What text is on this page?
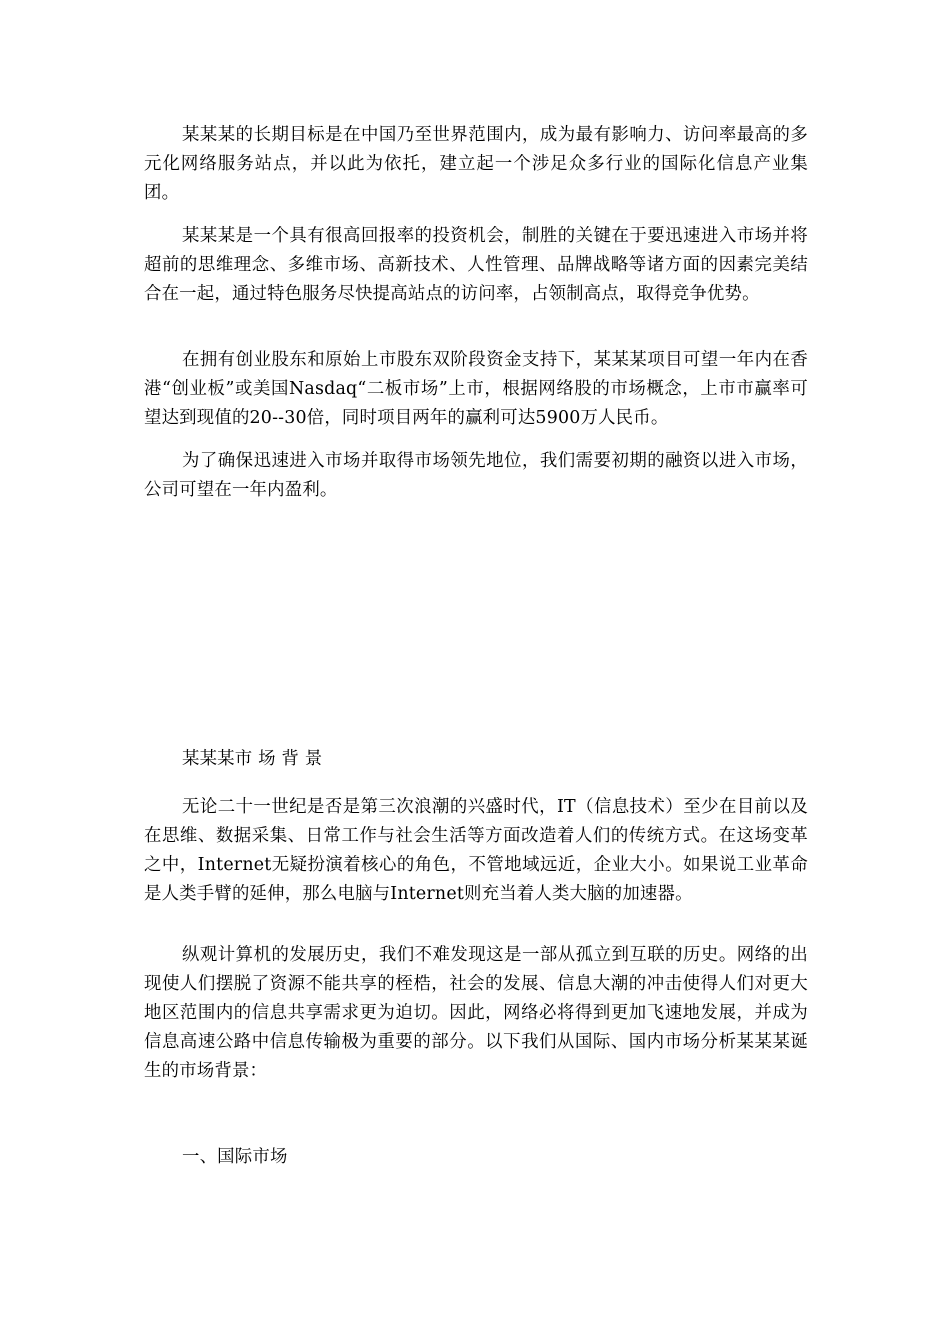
某某某的长期目标是在中国乃至世界范围内，成为最有影响力、访问率最高的多元化网络服务站点，并以此为依托，建立起一个涉足众多行业的国际化信息产业集团。

某某某是一个具有很高回报率的投资机会，制胜的关键在于要迅速进入市场并将超前的思维理念、多维市场、高新技术、人性管理、品牌战略等诸方面的因素完美结合在一起，通过特色服务尽快提高站点的访问率，占领制高点，取得竞争优势。

在拥有创业股东和原始上市股东双阶段资金支持下，某某某项目可望一年内在香港“创业板”或美国Nasdaq“二板市场”上市，根据网络股的市场概念，上市市赢率可望达到现值的20--30倍，同时项目两年的赢利可达5900万人民币。

为了确保迅速进入市场并取得市场领先地位，我们需要初期的融资以进入市场，公司可望在一年内盈利。

某某某市 场 背 景

无论二十一世纪是否是第三次浪潮的兴盛时代，IT（信息技术）至少在目前以及在思维、数据采集、日常工作与社会生活等方面改造着人们的传统方式。在这场变革之中，Internet无疑扮演着核心的角色，不管地域远近，企业大小。如果说工业革命是人类手臂的延伸，那么电脑与Internet则充当着人类大脑的加速器。

纵观计算机的发展历史，我们不难发现这是一部从孤立到互联的历史。网络的出现使人们摆脱了资源不能共享的桎梏，社会的发展、信息大潮的冲击使得人们对更大地区范围内的信息共享需求更为迫切。因此，网络必将得到更加飞速地发展，并成为信息高速公路中信息传输极为重要的部分。以下我们从国际、国内市场分析某某某诞生的市场背景：

一、国际市场
